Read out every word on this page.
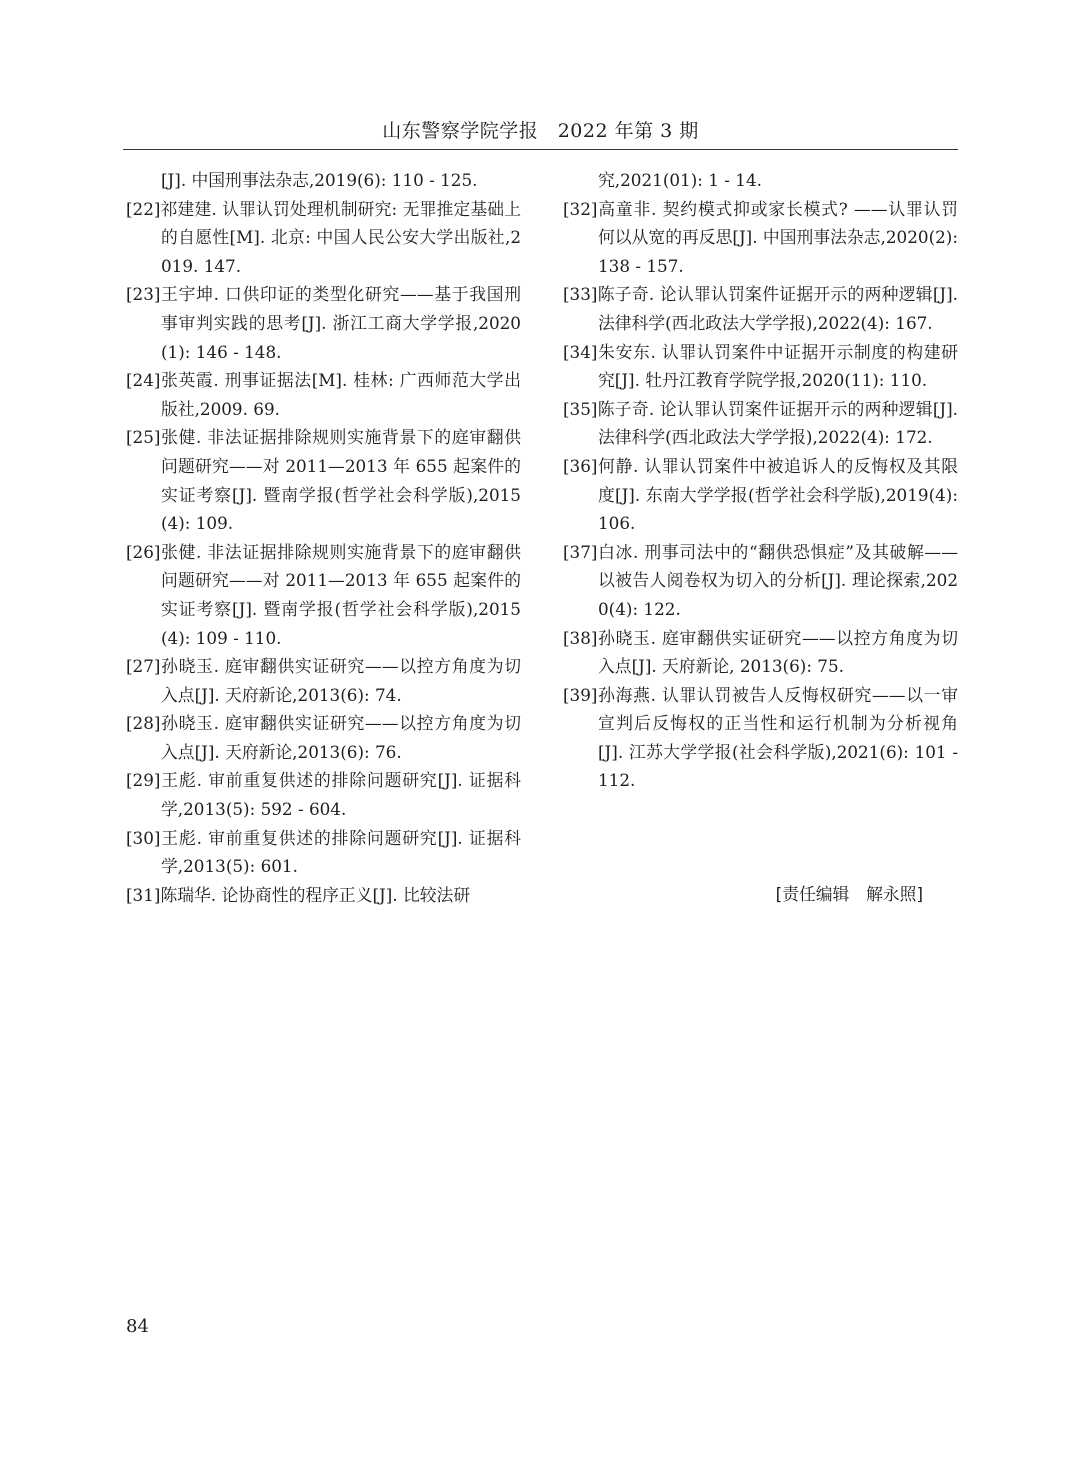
山东警察学院学报　2022 年第 3 期
[J]. 中国刑事法杂志,2019(6): 110 - 125.
[22]祁建建. 认罪认罚处理机制研究: 无罪推定基础上的自愿性[M]. 北京: 中国人民公安大学出版社,2019. 147.
[23]王宇坤. 口供印证的类型化研究——基于我国刑事审判实践的思考[J]. 浙江工商大学学报,2020(1): 146 - 148.
[24]张英霞. 刑事证据法[M]. 桂林: 广西师范大学出版社,2009. 69.
[25]张健. 非法证据排除规则实施背景下的庭审翻供问题研究——对 2011—2013 年 655 起案件的实证考察[J]. 暨南学报(哲学社会科学版),2015(4): 109.
[26]张健. 非法证据排除规则实施背景下的庭审翻供问题研究——对 2011—2013 年 655 起案件的实证考察[J]. 暨南学报(哲学社会科学版),2015(4): 109 - 110.
[27]孙晓玉. 庭审翻供实证研究——以控方角度为切入点[J]. 天府新论,2013(6): 74.
[28]孙晓玉. 庭审翻供实证研究——以控方角度为切入点[J]. 天府新论,2013(6): 76.
[29]王彪. 审前重复供述的排除问题研究[J]. 证据科学,2013(5): 592 - 604.
[30]王彪. 审前重复供述的排除问题研究[J]. 证据科学,2013(5): 601.
[31]陈瑞华. 论协商性的程序正义[J]. 比较法研
究,2021(01): 1 - 14.
[32]高童非. 契约模式抑或家长模式? ——认罪认罚何以从宽的再反思[J]. 中国刑事法杂志,2020(2): 138 - 157.
[33]陈子奇. 论认罪认罚案件证据开示的两种逻辑[J]. 法律科学(西北政法大学学报),2022(4): 167.
[34]朱安东. 认罪认罚案件中证据开示制度的构建研究[J]. 牡丹江教育学院学报,2020(11): 110.
[35]陈子奇. 论认罪认罚案件证据开示的两种逻辑[J]. 法律科学(西北政法大学学报),2022(4): 172.
[36]何静. 认罪认罚案件中被追诉人的反悔权及其限度[J]. 东南大学学报(哲学社会科学版),2019(4): 106.
[37]白冰. 刑事司法中的“翻供恐惧症”及其破解——以被告人阅卷权为切入的分析[J]. 理论探索,2020(4): 122.
[38]孙晓玉. 庭审翻供实证研究——以控方角度为切入点[J]. 天府新论, 2013(6): 75.
[39]孙海燕. 认罪认罚被告人反悔权研究——以一审宣判后反悔权的正当性和运行机制为分析视角[J]. 江苏大学学报(社会科学版),2021(6): 101 - 112.
[责任编辑　解永照]
84
